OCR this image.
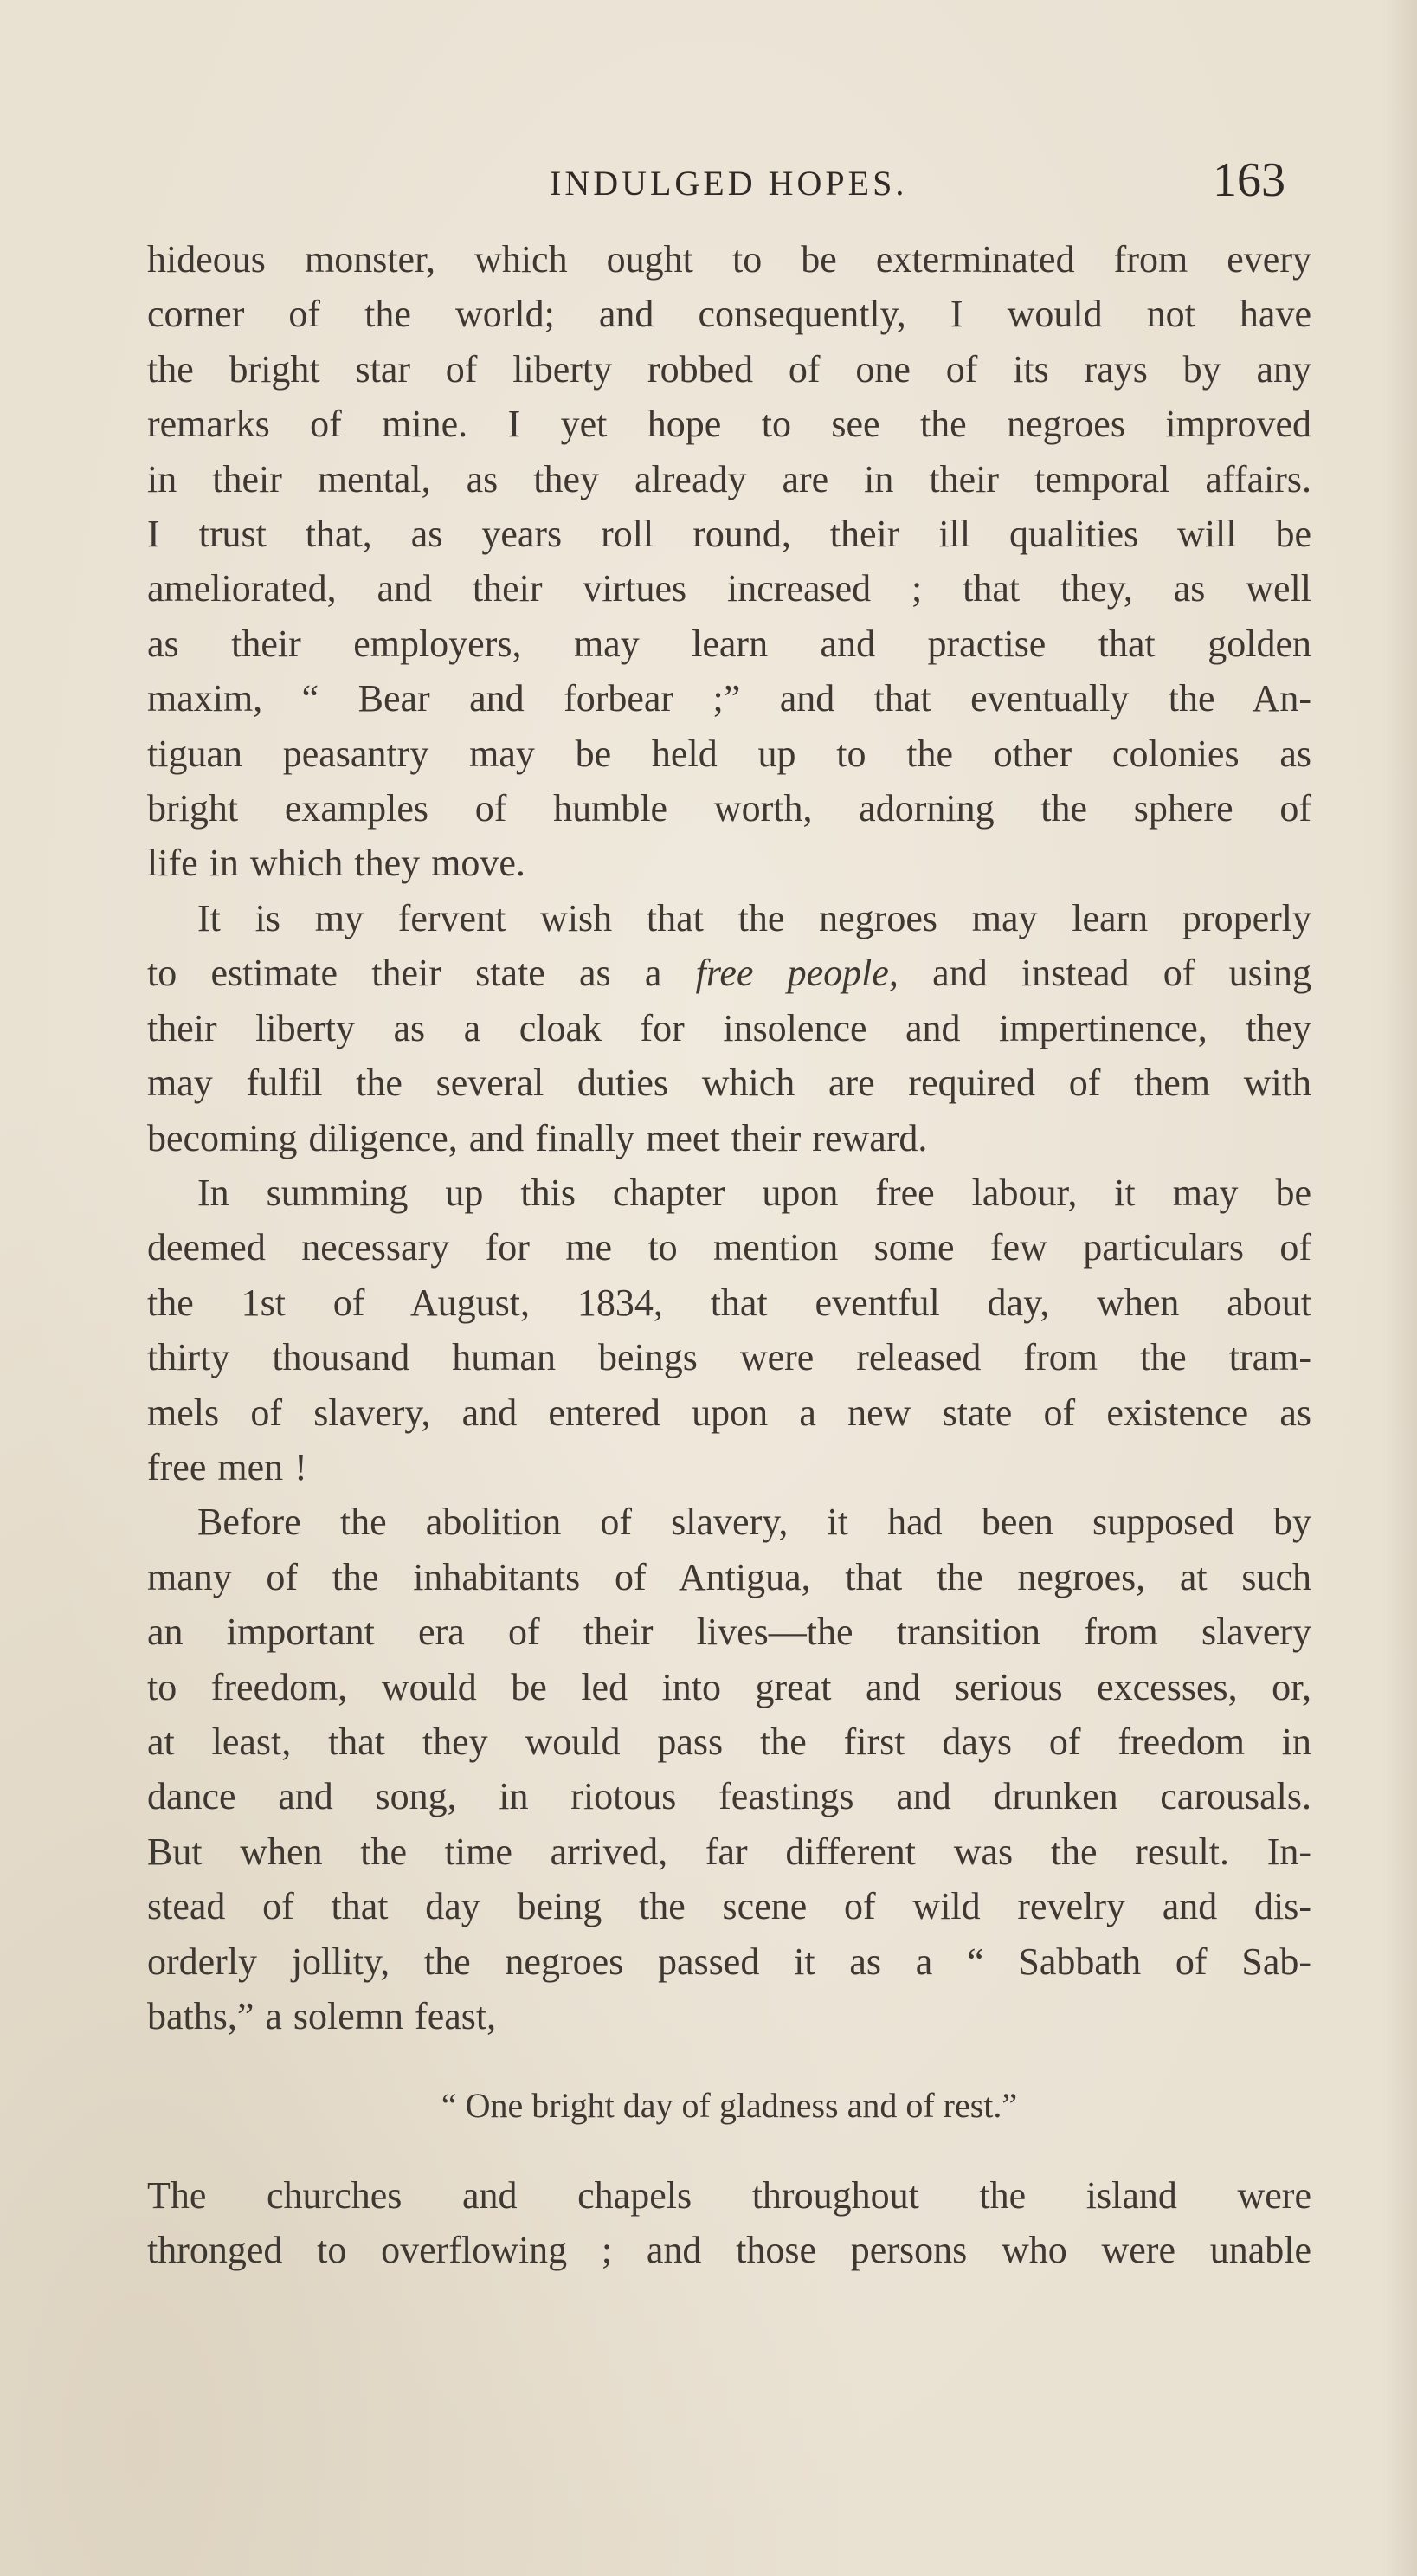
INDULGED HOPES.	163
hideous monster, which ought to be exterminated from every
corner of the world; and consequently, I would not have
the bright star of liberty robbed of one of its rays by any
remarks of mine. I yet hope to see the negroes improved
in their mental, as they already are in their temporal affairs.
I trust that, as years roll round, their ill qualities will be
ameliorated, and their virtues increased ; that they, as well
as their employers, may learn and practise that golden
maxim, “ Bear and forbear ;” and that eventually the An-
tiguan peasantry may be held up to the other colonies as
bright examples of humble worth, adorning the sphere of
life in which they move.
It is my fervent wish that the negroes may learn properly
to estimate their state as a free people, and instead of using
their liberty as a cloak for insolence and impertinence, they
may fulfil the several duties which are required of them with
becoming diligence, and finally meet their reward.
In summing up this chapter upon free labour, it may be
deemed necessary for me to mention some few particulars of
the 1st of August, 1834, that eventful day, when about
thirty thousand human beings were released from the tram-
mels of slavery, and entered upon a new state of existence as
free men !
Before the abolition of slavery, it had been supposed by
many of the inhabitants of Antigua, that the negroes, at such
an important era of their lives—the transition from slavery
to freedom, would be led into great and serious excesses, or,
at least, that they would pass the first days of freedom in
dance and song, in riotous feastings and drunken carousals.
But when the time arrived, far different was the result. In-
stead of that day being the scene of wild revelry and dis-
orderly jollity, the negroes passed it as a “ Sabbath of Sab-
baths,” a solemn feast,
“ One bright day of gladness and of rest.”
The churches and chapels throughout the island were
thronged to overflowing ; and those persons who were unable
